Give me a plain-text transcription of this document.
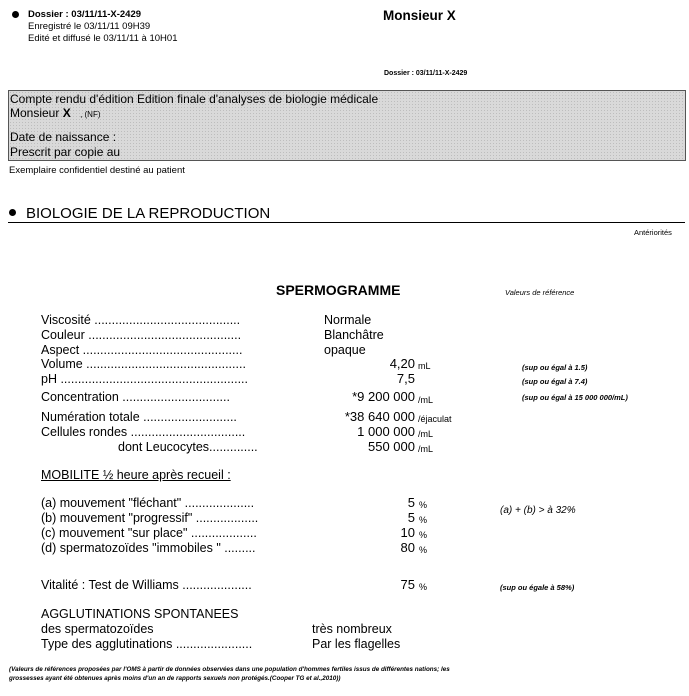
Dossier : 03/11/11-X-2429
Enregistré le 03/11/11 09H39
Edité et diffusé le 03/11/11 à 10H01
Monsieur X
Dossier : 03/11/11-X-2429
Compte rendu d'édition Edition finale d'analyses de biologie médicale
Monsieur X , (NF)
Date de naissance :
Prescrit par copie au
Exemplaire confidentiel destiné au patient
BIOLOGIE DE LA REPRODUCTION
Antériorités
SPERMOGRAMME	Valeurs de référence
Viscosité ..........................................	Normale
Couleur ............................................	Blanchâtre
Aspect ..............................................	opaque
Volume ..............................................	4,20 mL	(sup ou égal à 1.5)
pH ......................................................	7,5	(sup ou égal à 7.4)
Concentration ...............................	*9 200 000 /mL	(sup ou égal à 15 000 000/mL)
Numération totale ...........................	*38 640 000 /éjaculat
Cellules rondes .................................	1 000 000 /mL
dont Leucocytes..............	550 000 /mL
MOBILITE ½ heure après recueil :
(a) mouvement "fléchant" ....................	5 %
(b) mouvement "progressif" ..................	5 %
(c) mouvement "sur place" ...................	10 %
(d) spermatozoïdes "immobiles " .........	80 %
(a) + (b) > à 32%
Vitalité : Test de Williams ....................	75 %	(sup ou égale à 58%)
AGGLUTINATIONS SPONTANEES
des spermatozoïdes	très nombreux
Type des agglutinations ......................	Par les flagelles
(Valeurs de références proposées par l'OMS à partir de données observées dans une population d'hommes fertiles issus de différentes nations; les
grossesses ayant été obtenues après moins d'un an de rapports sexuels non protégés.(Cooper TG et al.,2010))
